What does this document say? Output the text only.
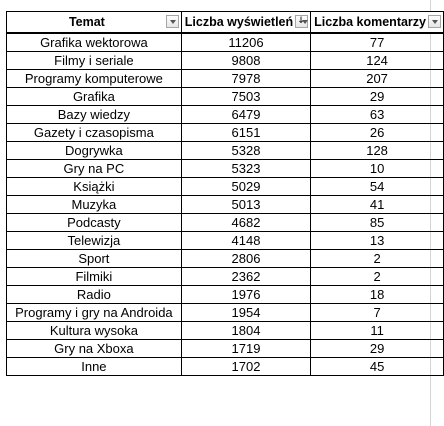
Temat	Liczba wyświetleń ↓	Liczba komentarzy

Grafika wektorowa	11206	77
Filmy i seriale	9808	124
Programy komputerowe	7978	207
Grafika	7503	29
Bazy wiedzy	6479	63
Gazety i czasopisma	6151	26
Dogrywka	5328	128
Gry na PC	5323	10
Książki	5029	54
Muzyka	5013	41
Podcasty	4682	85
Telewizja	4148	13
Sport	2806	2
Filmiki	2362	2
Radio	1976	18
Programy i gry na Androida	1954	7
Kultura wysoka	1804	11
Gry na Xboxa	1719	29
Inne	1702	45
